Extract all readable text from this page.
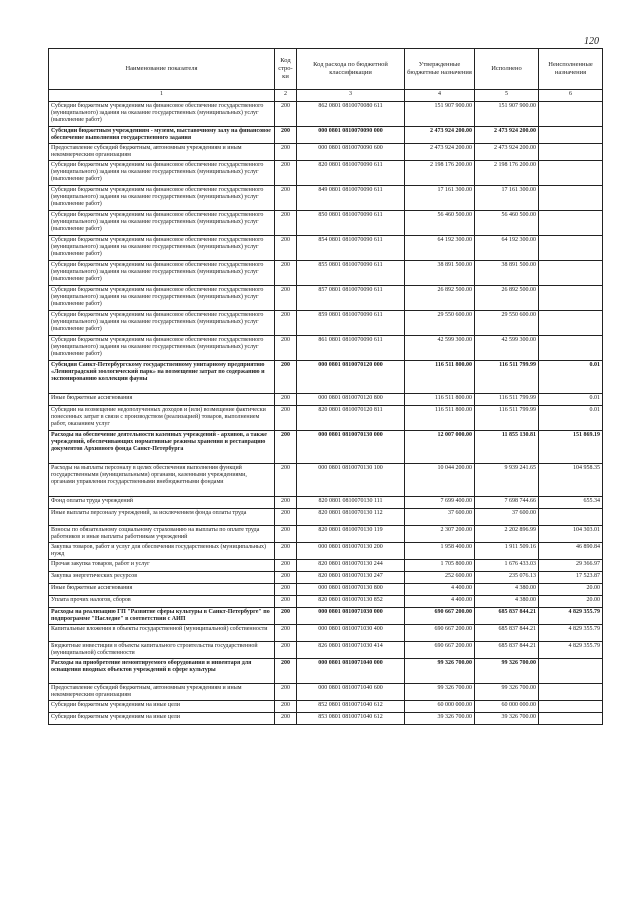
120
Наименование показателя	Код стро-ки	Код расхода по бюджетной классификации	Утвержденные бюджетные назначения	Исполнено	Неисполненные назначения
1	2	3	4	5	6
Субсидии бюджетным учреждениям на финансовое обеспечение государственного (муниципального) задания на оказание государственных (муниципальных) услуг (выполнение работ)	200	862 0801 0810070080 611	151 907 900.00	151 907 900.00	
Субсидии бюджетным учреждениям - музеям, выставочному залу на финансовое обеспечение выполнения государственного задания	200	000 0801 0810070090 000	2 473 924 200.00	2 473 924 200.00	
Предоставление субсидий бюджетным, автономным учреждениям и иным некоммерческим организациям	200	000 0801 0810070090 600	2 473 924 200.00	2 473 924 200.00	
Субсидии бюджетным учреждениям на финансовое обеспечение государственного (муниципального) задания на оказание государственных (муниципальных) услуг (выполнение работ)	200	820 0801 0810070090 611	2 198 176 200.00	2 198 176 200.00	
Субсидии бюджетным учреждениям на финансовое обеспечение государственного (муниципального) задания на оказание государственных (муниципальных) услуг (выполнение работ)	200	849 0801 0810070090 611	17 161 300.00	17 161 300.00	
Субсидии бюджетным учреждениям на финансовое обеспечение государственного (муниципального) задания на оказание государственных (муниципальных) услуг (выполнение работ)	200	850 0801 0810070090 611	56 460 500.00	56 460 500.00	
Субсидии бюджетным учреждениям на финансовое обеспечение государственного (муниципального) задания на оказание государственных (муниципальных) услуг (выполнение работ)	200	854 0801 0810070090 611	64 192 300.00	64 192 300.00	
Субсидии бюджетным учреждениям на финансовое обеспечение государственного (муниципального) задания на оказание государственных (муниципальных) услуг (выполнение работ)	200	855 0801 0810070090 611	38 891 500.00	38 891 500.00	
Субсидии бюджетным учреждениям на финансовое обеспечение государственного (муниципального) задания на оказание государственных (муниципальных) услуг (выполнение работ)	200	857 0801 0810070090 611	26 892 500.00	26 892 500.00	
Субсидии бюджетным учреждениям на финансовое обеспечение государственного (муниципального) задания на оказание государственных (муниципальных) услуг (выполнение работ)	200	859 0801 0810070090 611	29 550 600.00	29 550 600.00	
Субсидии бюджетным учреждениям на финансовое обеспечение государственного (муниципального) задания на оказание государственных (муниципальных) услуг (выполнение работ)	200	861 0801 0810070090 611	42 599 300.00	42 599 300.00	
Субсидия Санкт-Петербургскому государственному унитарному предприятию «Ленинградский зоологический парк» на возмещение затрат по содержанию и экспонированию коллекции фауны	200	000 0801 0810070120 000	116 511 800.00	116 511 799.99	0.01
Иные бюджетные ассигнования	200	000 0801 0810070120 800	116 511 800.00	116 511 799.99	0.01
Субсидии на возмещение недополученных доходов и (или) возмещение фактически понесенных затрат в связи с производством (реализацией) товаров, выполнением работ, оказанием услуг	200	820 0801 0810070120 811	116 511 800.00	116 511 799.99	0.01
Расходы на обеспечение деятельности казенных учреждений - архивов, а также учреждений, обеспечивающих нормативные режимы хранения и реставрацию документов Архивного фонда Санкт-Петербурга	200	000 0801 0810070130 000	12 007 000.00	11 855 130.81	151 869.19
Расходы на выплаты персоналу в целях обеспечения выполнения функций государственными (муниципальными) органами, казенными учреждениями, органами управления государственными внебюджетными фондами	200	000 0801 0810070130 100	10 044 200.00	9 939 241.65	104 958.35
Фонд оплаты труда учреждений	200	820 0801 0810070130 111	7 699 400.00	7 698 744.66	655.34
Иные выплаты персоналу учреждений, за исключением фонда оплаты труда	200	820 0801 0810070130 112	37 600.00	37 600.00	
Взносы по обязательному социальному страхованию на выплаты по оплате труда работников и иные выплаты работникам учреждений	200	820 0801 0810070130 119	2 307 200.00	2 202 896.99	104 303.01
Закупка товаров, работ и услуг для обеспечения государственных (муниципальных) нужд	200	000 0801 0810070130 200	1 958 400.00	1 911 509.16	46 890.84
Прочая закупка товаров, работ и услуг	200	820 0801 0810070130 244	1 705 800.00	1 676 433.03	29 366.97
Закупка энергетических ресурсов	200	820 0801 0810070130 247	252 600.00	235 076.13	17 523.87
Иные бюджетные ассигнования	200	000 0801 0810070130 800	4 400.00	4 380.00	20.00
Уплата прочих налогов, сборов	200	820 0801 0810070130 852	4 400.00	4 380.00	20.00
Расходы на реализацию ГП "Развитие сферы культуры в Санкт-Петербурге" по подпрограмме "Наследие" в соответствии с АИП	200	000 0801 0810071030 000	690 667 200.00	685 837 844.21	4 829 355.79
Капитальные вложения в объекты государственной (муниципальной) собственности	200	000 0801 0810071030 400	690 667 200.00	685 837 844.21	4 829 355.79
Бюджетные инвестиции в объекты капитального строительства государственной (муниципальной) собственности	200	826 0801 0810071030 414	690 667 200.00	685 837 844.21	4 829 355.79
Расходы на приобретение немонтируемого оборудования и инвентаря для оснащения вводных объектов учреждений в сфере культуры	200	000 0801 0810071040 000	99 326 700.00	99 326 700.00	
Предоставление субсидий бюджетным, автономным учреждениям и иным некоммерческим организациям	200	000 0801 0810071040 600	99 326 700.00	99 326 700.00	
Субсидии бюджетным учреждениям на иные цели	200	852 0801 0810071040 612	60 000 000.00	60 000 000.00	
Субсидии бюджетным учреждениям на иные цели	200	853 0801 0810071040 612	39 326 700.00	39 326 700.00	
